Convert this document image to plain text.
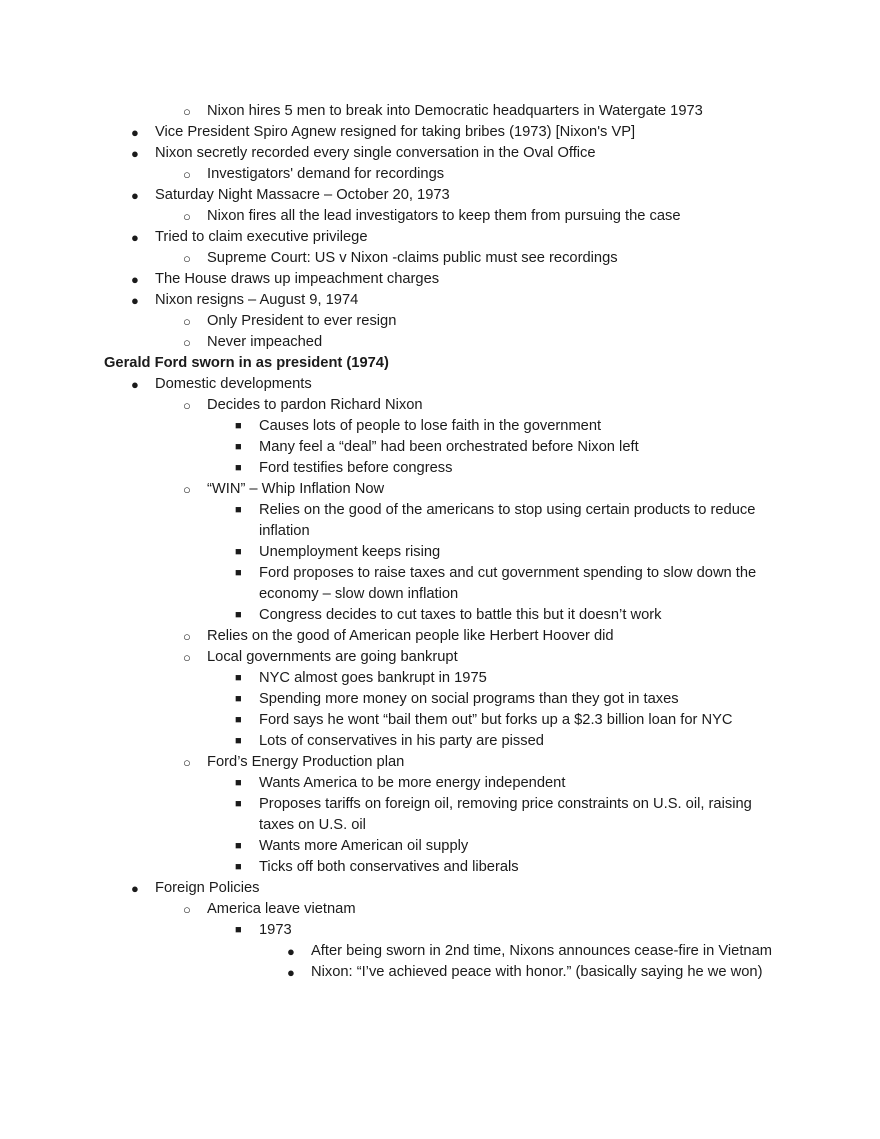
○	Nixon hires 5 men to break into Democratic headquarters in Watergate 1973
●	Vice President Spiro Agnew resigned for taking bribes (1973) [Nixon's VP]
●	Nixon secretly recorded every single conversation in the Oval Office
○	Investigators' demand for recordings
●	Saturday Night Massacre – October 20, 1973
○	Nixon fires all the lead investigators to keep them from pursuing the case
●	Tried to claim executive privilege
○	Supreme Court: US v Nixon -claims public must see recordings
●	The House draws up impeachment charges
●	Nixon resigns – August 9, 1974
○	Only President to ever resign
○	Never impeached
Gerald Ford sworn in as president (1974)
●	Domestic developments
○	Decides to pardon Richard Nixon
■	Causes lots of people to lose faith in the government
■	Many feel a “deal” had been orchestrated before Nixon left
■	Ford testifies before congress
○	“WIN” – Whip Inflation Now
■	Relies on the good of the americans to stop using certain products to reduce inflation
■	Unemployment keeps rising
■	Ford proposes to raise taxes and cut government spending to slow down the economy – slow down inflation
■	Congress decides to cut taxes to battle this but it doesn’t work
○	Relies on the good of American people like Herbert Hoover did
○	Local governments are going bankrupt
■	NYC almost goes bankrupt in 1975
■	Spending more money on social programs than they got in taxes
■	Ford says he wont “bail them out” but forks up a $2.3 billion loan for NYC
■	Lots of conservatives in his party are pissed
○	Ford’s Energy Production plan
■	Wants America to be more energy independent
■	Proposes tariffs on foreign oil, removing price constraints on U.S. oil, raising taxes on U.S. oil
■	Wants more American oil supply
■	Ticks off both conservatives and liberals
●	Foreign Policies
○	America leave vietnam
■	1973
●	After being sworn in 2nd time, Nixons announces cease-fire in Vietnam
●	Nixon: “I’ve achieved peace with honor.” (basically saying he we won)
